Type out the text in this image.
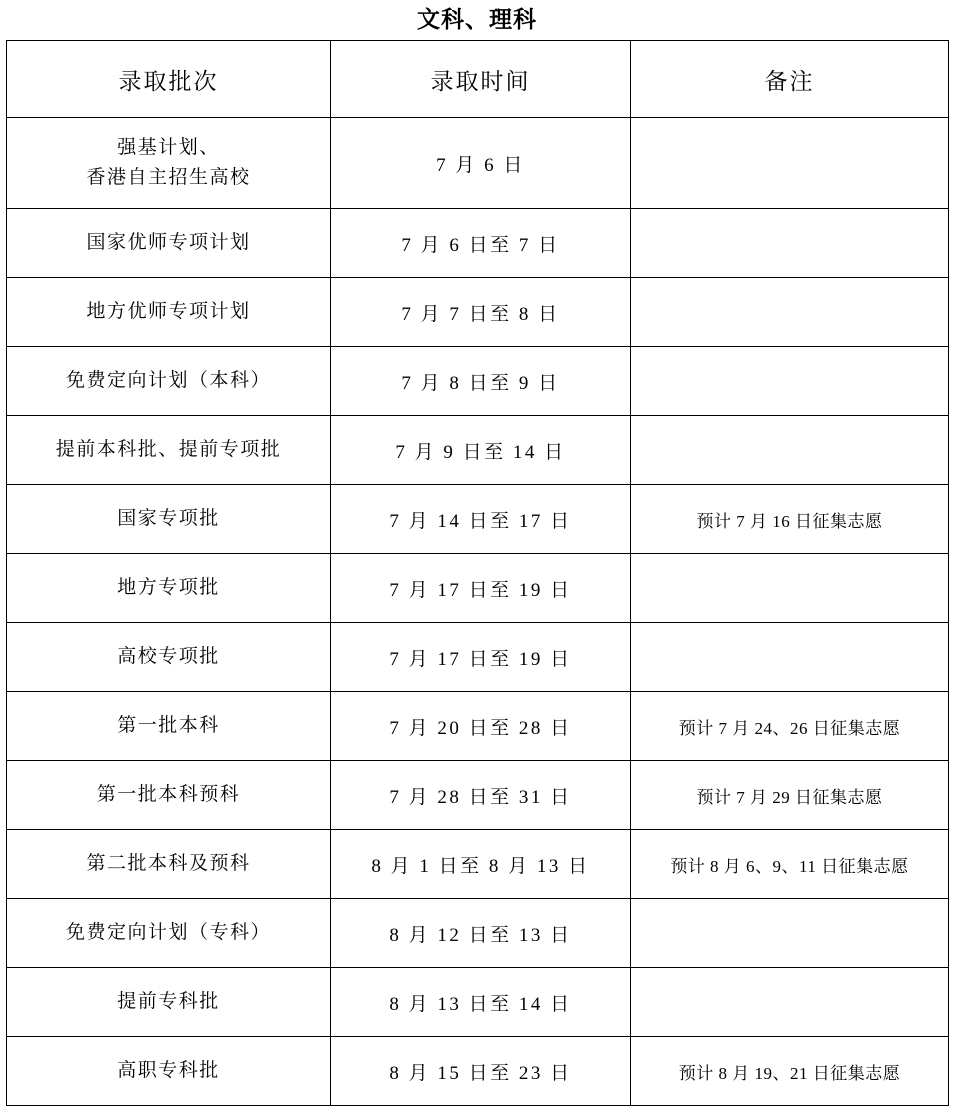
文科、理科
录取批次	录取时间	备注

强基计划、
香港自主招生高校	7 月 6 日	
国家优师专项计划	7 月 6 日至 7 日	
地方优师专项计划	7 月 7 日至 8 日	
免费定向计划（本科）	7 月 8 日至 9 日	
提前本科批、提前专项批	7 月 9 日至 14 日	
国家专项批	7 月 14 日至 17 日	预计 7 月 16 日征集志愿
地方专项批	7 月 17 日至 19 日	
高校专项批	7 月 17 日至 19 日	
第一批本科	7 月 20 日至 28 日	预计 7 月 24、26 日征集志愿
第一批本科预科	7 月 28 日至 31 日	预计 7 月 29 日征集志愿
第二批本科及预科	8 月 1 日至 8 月 13 日	预计 8 月 6、9、11 日征集志愿
免费定向计划（专科）	8 月 12 日至 13 日	
提前专科批	8 月 13 日至 14 日	
高职专科批	8 月 15 日至 23 日	预计 8 月 19、21 日征集志愿
